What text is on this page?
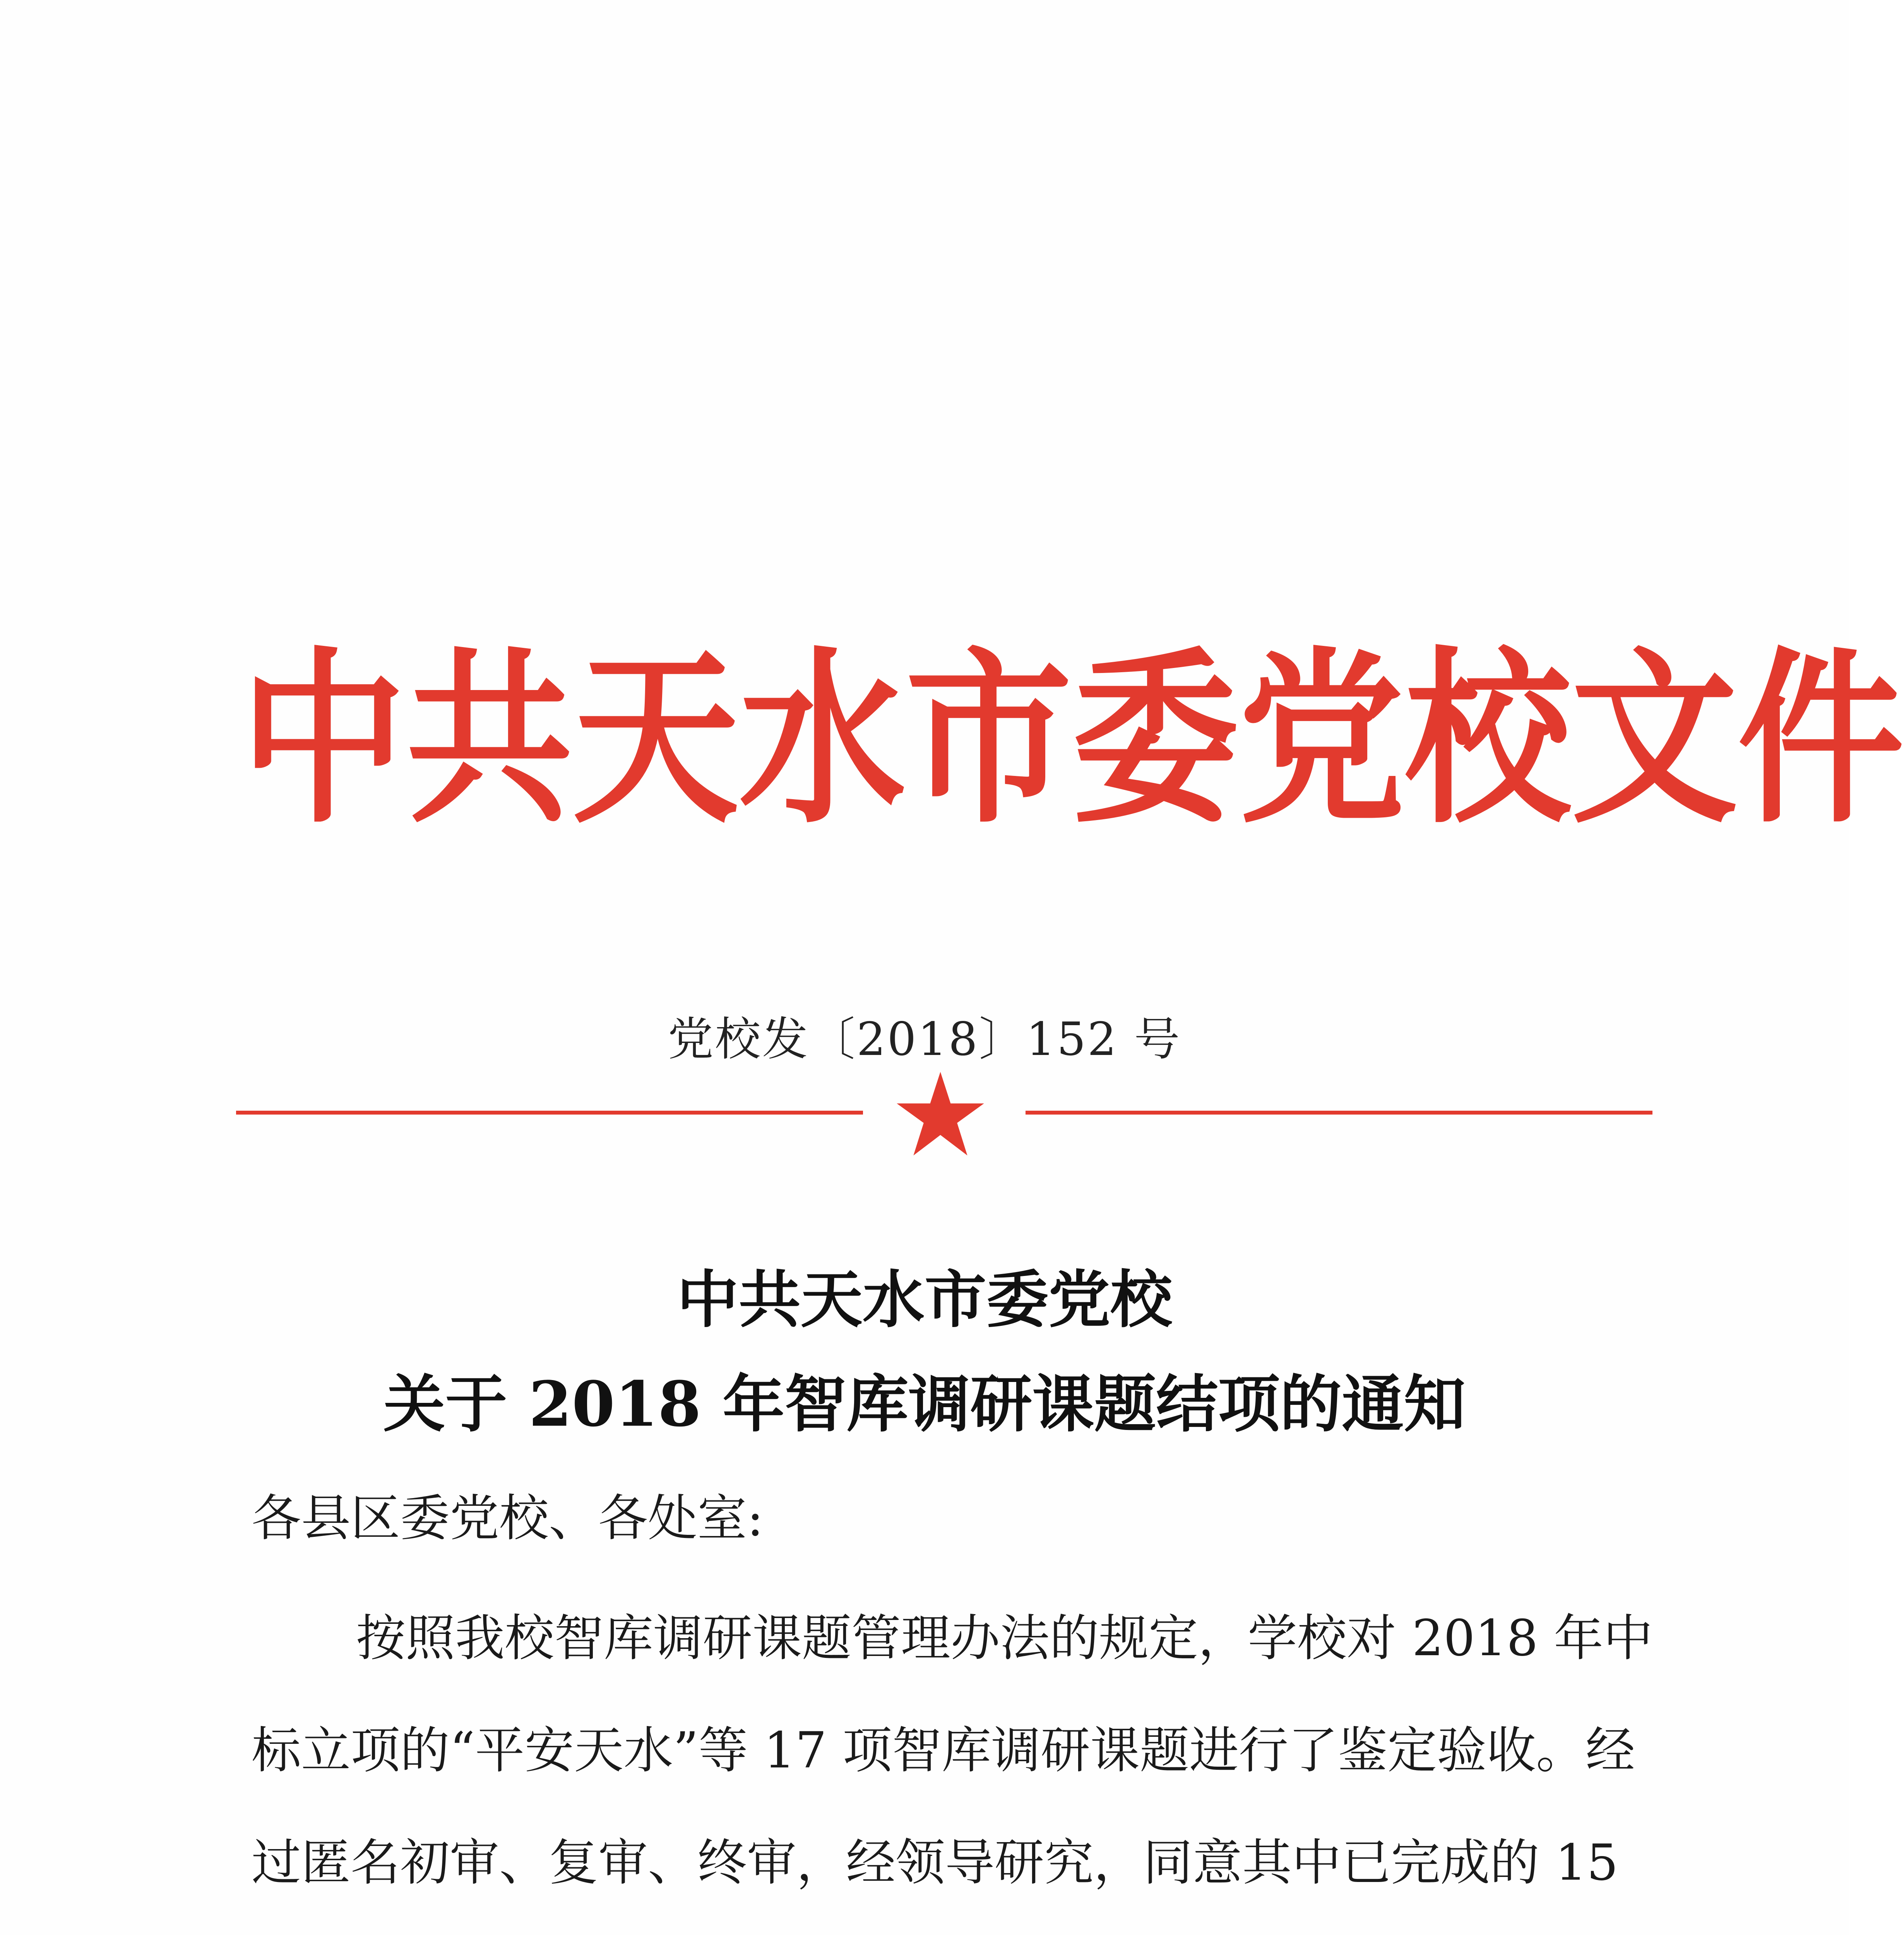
中 共 天 水 市 委 党 校 文 件
党校发〔2018〕152 号
中共天水市委党校
关于 2018 年智库调研课题结项的通知
各县区委党校、各处室:
按照我校智库调研课题管理办法的规定，学校对 2018 年中
标立项的“平安天水”等 17 项智库调研课题进行了鉴定验收。经
过匿名初审、复审、终审，经领导研究，同意其中已完成的 15
